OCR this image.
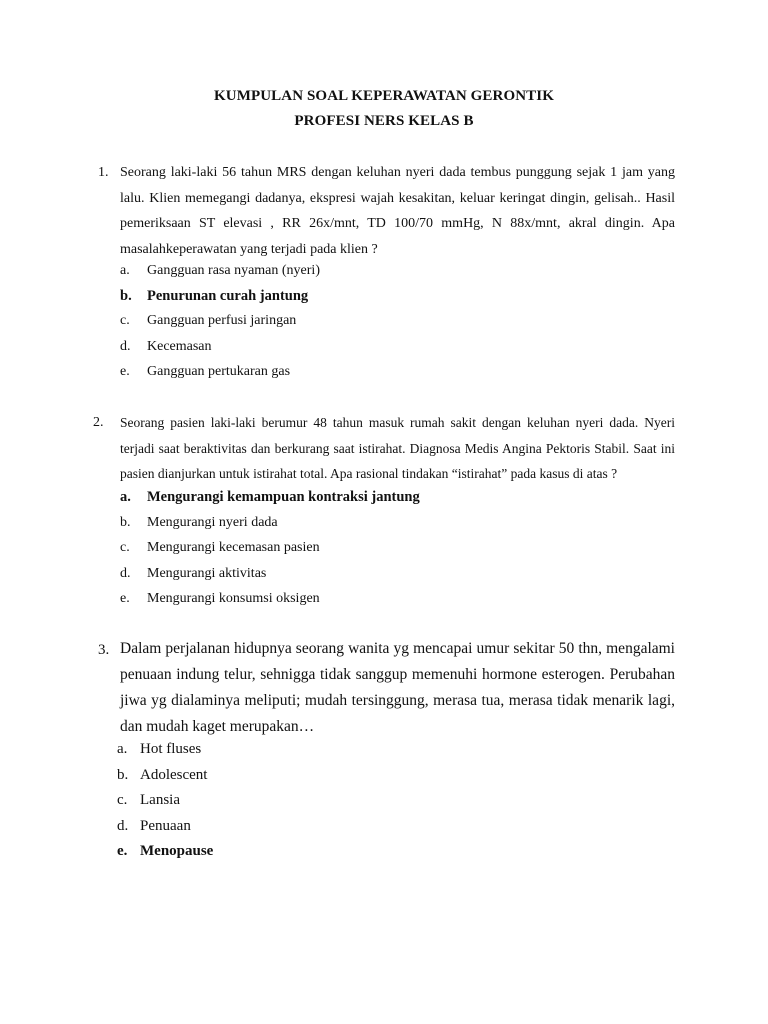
KUMPULAN SOAL KEPERAWATAN GERONTIK
PROFESI NERS KELAS B
1. Seorang laki-laki 56 tahun MRS dengan keluhan nyeri dada tembus punggung sejak 1 jam yang lalu. Klien memegangi dadanya, ekspresi wajah kesakitan, keluar keringat dingin, gelisah.. Hasil pemeriksaan ST elevasi , RR 26x/mnt, TD 100/70 mmHg, N 88x/mnt, akral dingin. Apa masalahkeperawatan yang terjadi pada klien ?
a. Gangguan rasa nyaman (nyeri)
b. Penurunan curah jantung
c. Gangguan perfusi jaringan
d. Kecemasan
e. Gangguan pertukaran gas
2. Seorang pasien laki-laki berumur 48 tahun masuk rumah sakit dengan keluhan nyeri dada. Nyeri terjadi saat beraktivitas dan berkurang saat istirahat. Diagnosa Medis Angina Pektoris Stabil. Saat ini pasien dianjurkan untuk istirahat total. Apa rasional tindakan “istirahat” pada kasus di atas ?
a. Mengurangi kemampuan kontraksi jantung
b. Mengurangi nyeri dada
c. Mengurangi kecemasan pasien
d. Mengurangi aktivitas
e. Mengurangi konsumsi oksigen
3. Dalam perjalanan hidupnya seorang wanita yg mencapai umur sekitar 50 thn, mengalami penuaan indung telur, sehnigga tidak sanggup memenuhi hormone esterogen. Perubahan jiwa yg dialaminya meliputi; mudah tersinggung, merasa tua, merasa tidak menarik lagi, dan mudah kaget merupakan…
a. Hot fluses
b. Adolescent
c. Lansia
d. Penuaan
e. Menopause
